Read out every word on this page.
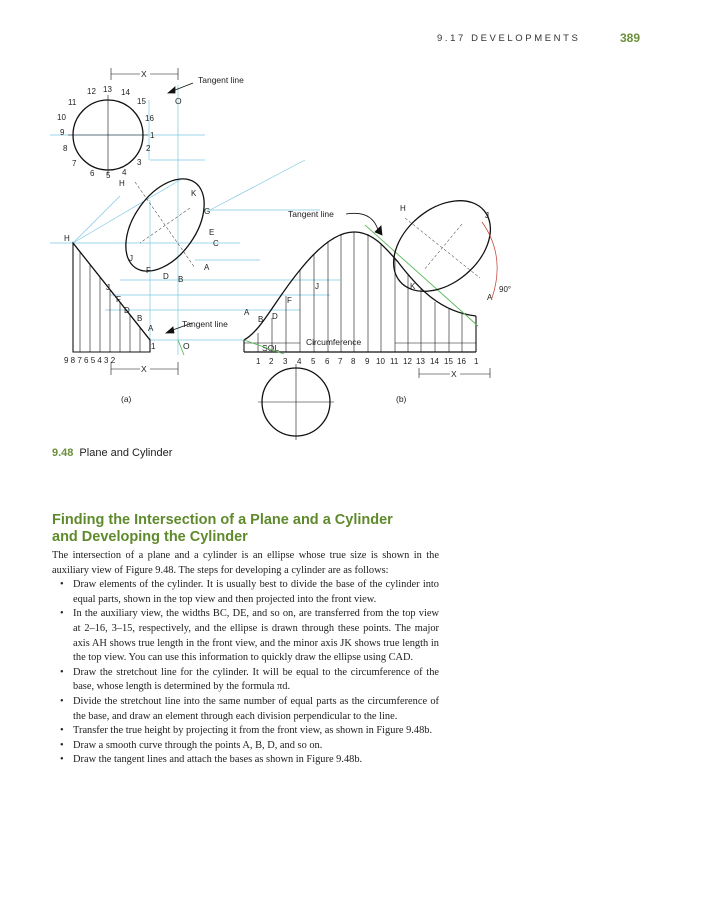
9.17 DEVELOPMENTS	389
X
Tangent line
O
12 13 14
15
16
11
10
9
8
7
6 5 4
3
2
1
H
K
G
E
C
A
J
F
D B
H
J
F
D
B
A	Tangent line
O
1
9 8 7 6 5 4 3 2
X
(a)
Circumference
SOL
1 2 3 4 5 6 7 8 9 10 11 12 13 14 15 16 1
A
B D
F
J	K
H
J
A
90°
Tangent line
X
(b)
9.48 Plane and Cylinder
Finding the Intersection of a Plane and a Cylinder
and Developing the Cylinder

The intersection of a plane and a cylinder is an ellipse whose true size is shown in the auxiliary view of Figure 9.48. The steps for developing a cylinder are as follows:

• Draw elements of the cylinder. It is usually best to divide the base of the cylinder into equal parts, shown in the top view and then projected into the front view.
• In the auxiliary view, the widths BC, DE, and so on, are transferred from the top view at 2–16, 3–15, respectively, and the ellipse is drawn through these points. The major axis AH shows true length in the front view, and the minor axis JK shows true length in the top view. You can use this information to quickly draw the ellipse using CAD.
• Draw the stretchout line for the cylinder. It will be equal to the circumference of the base, whose length is determined by the formula πd.
• Divide the stretchout line into the same number of equal parts as the circumference of the base, and draw an element through each division perpendicular to the line.
• Transfer the true height by projecting it from the front view, as shown in Figure 9.48b.
• Draw a smooth curve through the points A, B, D, and so on.
• Draw the tangent lines and attach the bases as shown in Figure 9.48b.
